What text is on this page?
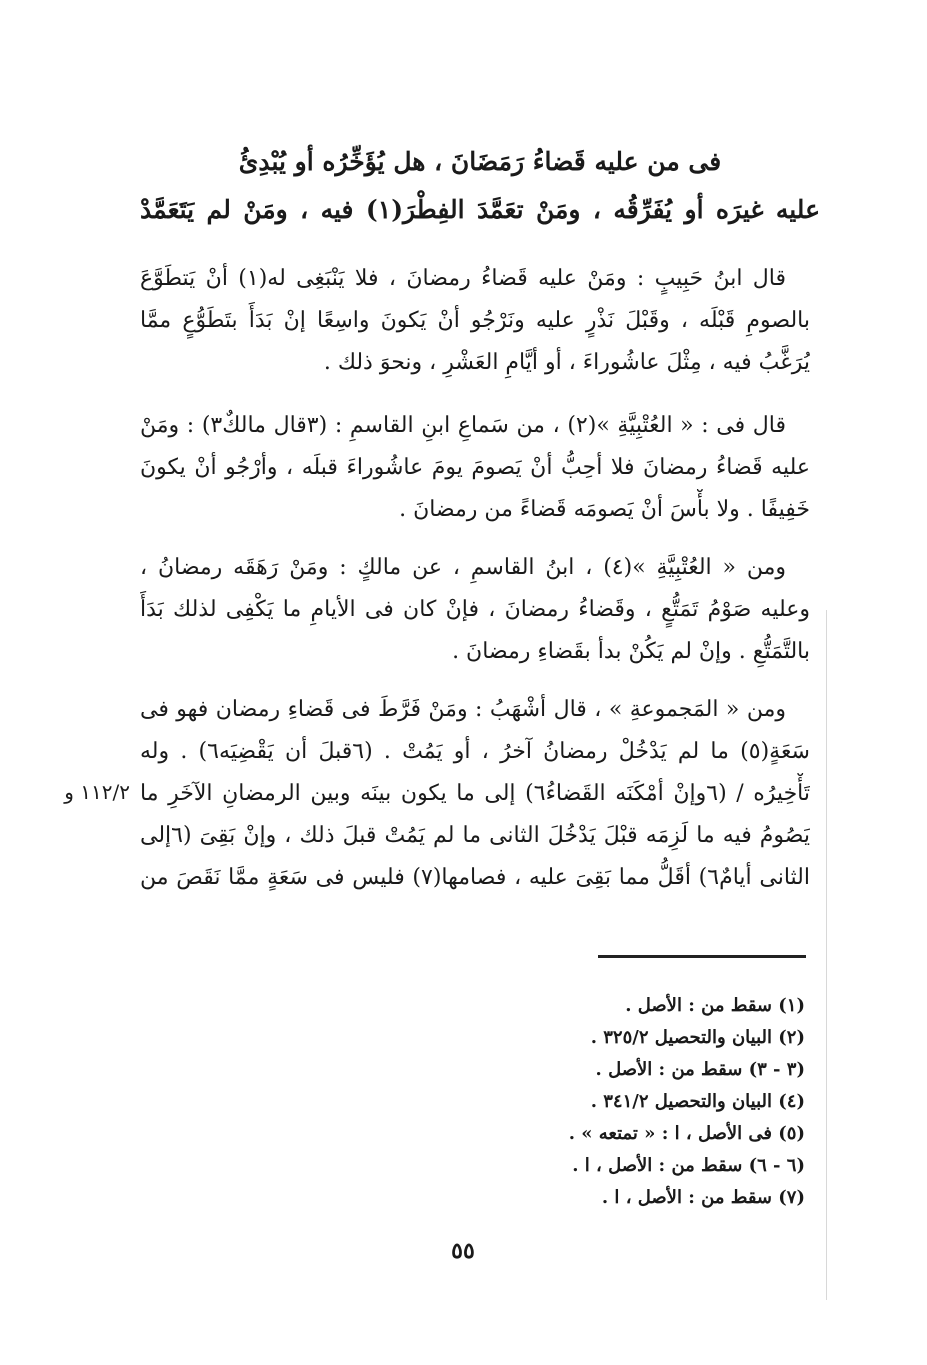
فى من عليه قَضاءُ رَمَضَانَ ، هل يُؤَخِّرُه أو يُبْدِئُ
عليه غيرَه أو يُفَرِّقُه ، ومَنْ تعَمَّدَ الفِطْرَ(١) فيه ، ومَنْ لم يَتَعَمَّدْ
قال ابنُ حَبِيبٍ : ومَنْ عليه قَضاءُ رمضانَ ، فلا يَنْبَغِى له(١) أنْ يَتطَوَّعَ
بالصومِ قَبْلَه ، وقَبْلَ نَذْرٍ عليه ونَرْجُو أنْ يَكونَ واسِعًا إنْ بَدَأَ بتَطَوُّعٍ ممَّا
يُرَغَّبُ فيه ، مِثْلَ عاشُوراءَ ، أو أيَّامِ العَشْرِ ، ونحوَ ذلك .
قال فى : « العُتْبِيَّةِ »(٢) ، من سَماعِ ابنِ القاسمِ : (٣قال مالكٌ٣) : ومَنْ
عليه قَضاءُ رمضانَ فلا أحِبُّ أنْ يَصومَ يومَ عاشُوراءَ قبلَه ، وأرْجُو أنْ يكونَ
خَفِيفًا . ولا بأْسَ أنْ يَصومَه قَضاءً من رمضانَ .
ومن « العُتْبِيَّةِ »(٤) ، ابنُ القاسمِ ، عن مالكٍ : ومَنْ رَهَقَه رمضانُ ،
وعليه صَوْمُ تَمَتُّعٍ ، وقَضاءُ رمضانَ ، فإنْ كان فى الأيامِ ما يَكْفِى لذلك بَدَأَ
بالتَّمَتُّعِ . وإنْ لم يَكُنْ بدأ بقَضاءِ رمضانَ .
ومن « المَجموعةِ » ، قال أشْهَبُ : ومَنْ فَرَّطَ فى قَضاءِ رمضان فهو فى
سَعَةٍ(٥) ما لم يَدْخُلْ رمضانُ آخرُ ، أو يَمُتْ . (٦قبلَ أن يَقْضِيَه٦) . وله
تَأْخِيرُه / (٦وإنْ أمْكَنَه القَضاءُ٦) إلى ما يكون بينَه وبين الرمضانِ الآخَرِ ما
يَصُومُ فيه ما لَزِمَه قبْلَ يَدْخُلَ الثانى ما لم يَمُتْ قبلَ ذلك ، وإنْ بَقِىَ (٦إلى
الثانى أيامٌ٦) أقَلُّ مما بَقِىَ عليه ، فصامها(٧) فليس فى سَعَةٍ ممَّا نَقَصَ من
١١٢/٢ و
(١) سقط من : الأصل .
(٢) البيان والتحصيل ٣٢٥/٢ .
(٣ - ٣) سقط من : الأصل .
(٤) البيان والتحصيل ٣٤١/٢ .
(٥) فى الأصل ، ا : « تمتعه » .
(٦ - ٦) سقط من : الأصل ، ا .
(٧) سقط من : الأصل ، ا .
٥٥
